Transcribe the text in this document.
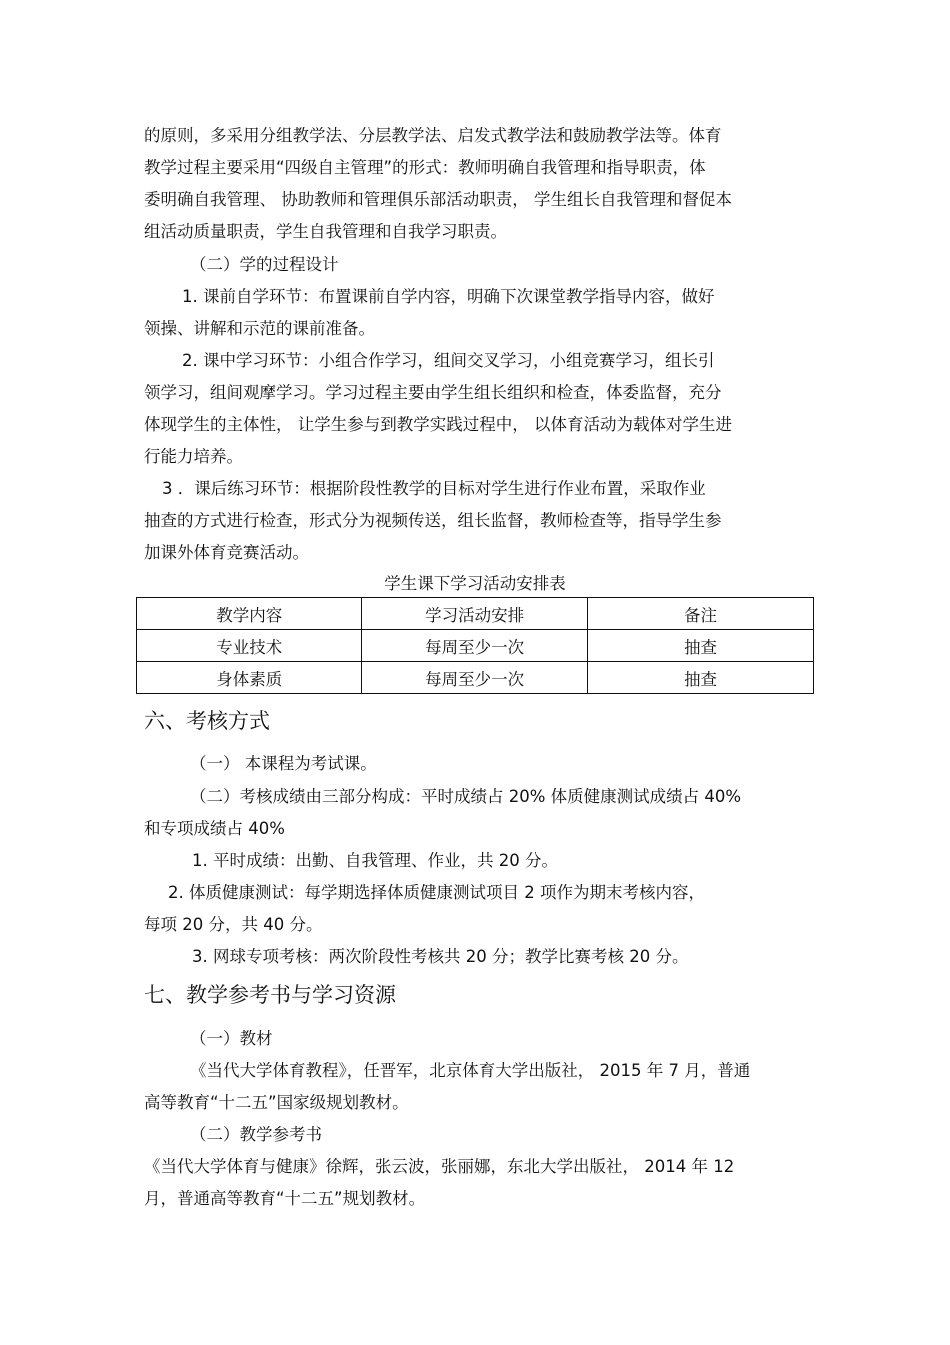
的原则，多采用分组教学法、分层教学法、启发式教学法和鼓励教学法等。体育

教学过程主要采用“四级自主管理”的形式：教师明确自我管理和指导职责，体

委明确自我管理、 协助教师和管理俱乐部活动职责， 学生组长自我管理和督促本

组活动质量职责，学生自我管理和自我学习职责。

（二）学的过程设计

1. 课前自学环节：布置课前自学内容，明确下次课堂教学指导内容，做好

领操、讲解和示范的课前准备。

2. 课中学习环节：小组合作学习，组间交叉学习，小组竞赛学习，组长引

领学习，组间观摩学习。学习过程主要由学生组长组织和检查，体委监督，充分

体现学生的主体性， 让学生参与到教学实践过程中， 以体育活动为载体对学生进

行能力培养。

3 ．课后练习环节：根据阶段性教学的目标对学生进行作业布置，采取作业

抽查的方式进行检查，形式分为视频传送，组长监督，教师检查等，指导学生参

加课外体育竞赛活动。

学生课下学习活动安排表
教学内容	学习活动安排	备注
专业技术	每周至少一次	抽查
身体素质	每周至少一次	抽查

六、考核方式

（一） 本课程为考试课。

（二）考核成绩由三部分构成：平时成绩占 20% 体质健康测试成绩占 40%

和专项成绩占 40%

1. 平时成绩：出勤、自我管理、作业，共 20 分。

2. 体质健康测试：每学期选择体质健康测试项目 2 项作为期末考核内容，

每项 20 分，共 40 分。

3. 网球专项考核：两次阶段性考核共 20 分；教学比赛考核 20 分。

七、教学参考书与学习资源

（一）教材

《当代大学体育教程》，任晋军，北京体育大学出版社， 2015 年 7 月，普通

高等教育“十二五”国家级规划教材。

（二）教学参考书

《当代大学体育与健康》徐辉，张云波，张丽娜，东北大学出版社， 2014 年 12

月，普通高等教育“十二五”规划教材。
